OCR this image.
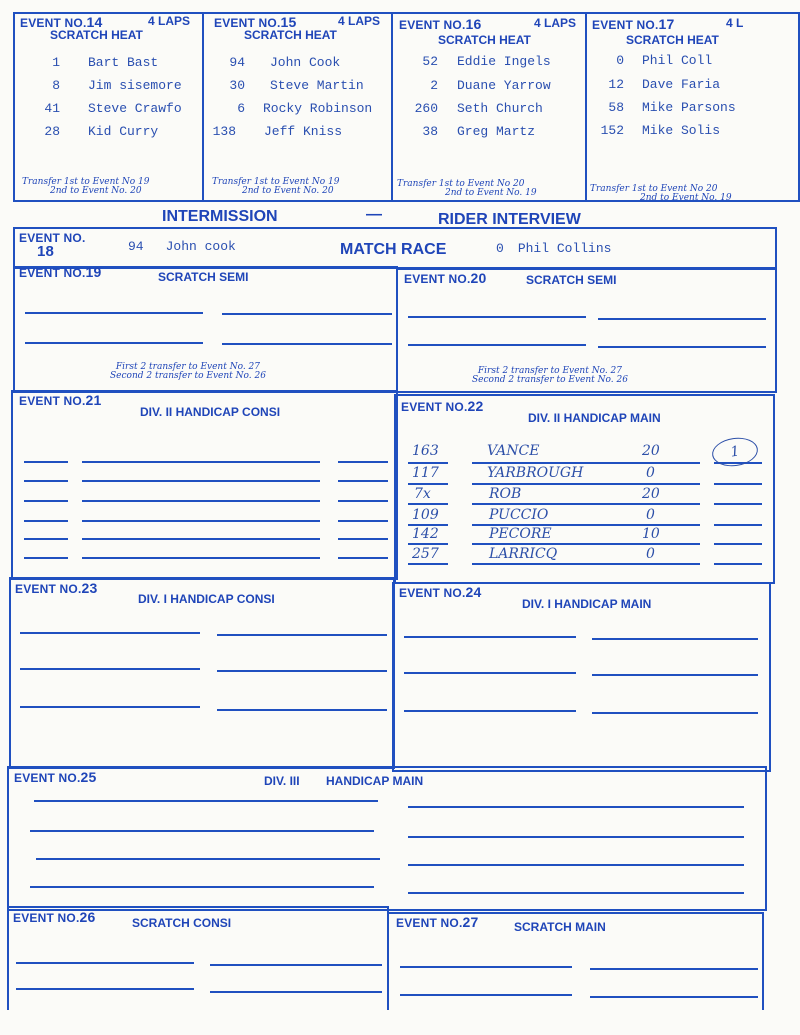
EVENT NO.14	4 LAPS
SCRATCH HEAT
1 Bart Bast
8 Jim sisemore
41 Steve Crawfo
28 Kid Curry
Transfer 1st to Event No 19
2nd to Event No. 20
EVENT NO.15	4 LAPS
SCRATCH HEAT
94 John Cook
30 Steve Martin
6 Rocky Robinson
138 Jeff Kniss
Transfer 1st to Event No 19
2nd to Event No. 20
EVENT NO.16	4 LAPS
SCRATCH HEAT
52 Eddie Ingels
2 Duane Yarrow
260 Seth Church
38 Greg Martz
Transfer 1st to Event No 20
2nd to Event No. 19
EVENT NO.17	4 L
SCRATCH HEAT
0 Phil Coll
12 Dave Faria
58 Mike Parsons
152 Mike Solis
Transfer 1st to Event No 20
2nd to Event No. 19
INTERMISSION	—	RIDER INTERVIEW
EVENT NO.
18	94 John cook	MATCH RACE	0 Phil Collins
EVENT NO.19	SCRATCH SEMI
First 2 transfer to Event No. 27
Second 2 transfer to Event No. 26
EVENT NO.20	SCRATCH SEMI
First 2 transfer to Event No. 27
Second 2 transfer to Event No. 26
EVENT NO.21
DIV. II HANDICAP CONSI	EVENT NO.22
DIV. II HANDICAP MAIN
163	VANCE	20	1
117	YARBROUGH	0
7x	ROB	20
109	PUCCIO	0
142	PECORE	10
257	LARRICQ	0
EVENT NO.23
DIV. I HANDICAP CONSI	EVENT NO.24
DIV. I HANDICAP MAIN
EVENT NO.25	DIV. III HANDICAP MAIN
EVENT NO.26	SCRATCH CONSI	EVENT NO.27	SCRATCH MAIN
